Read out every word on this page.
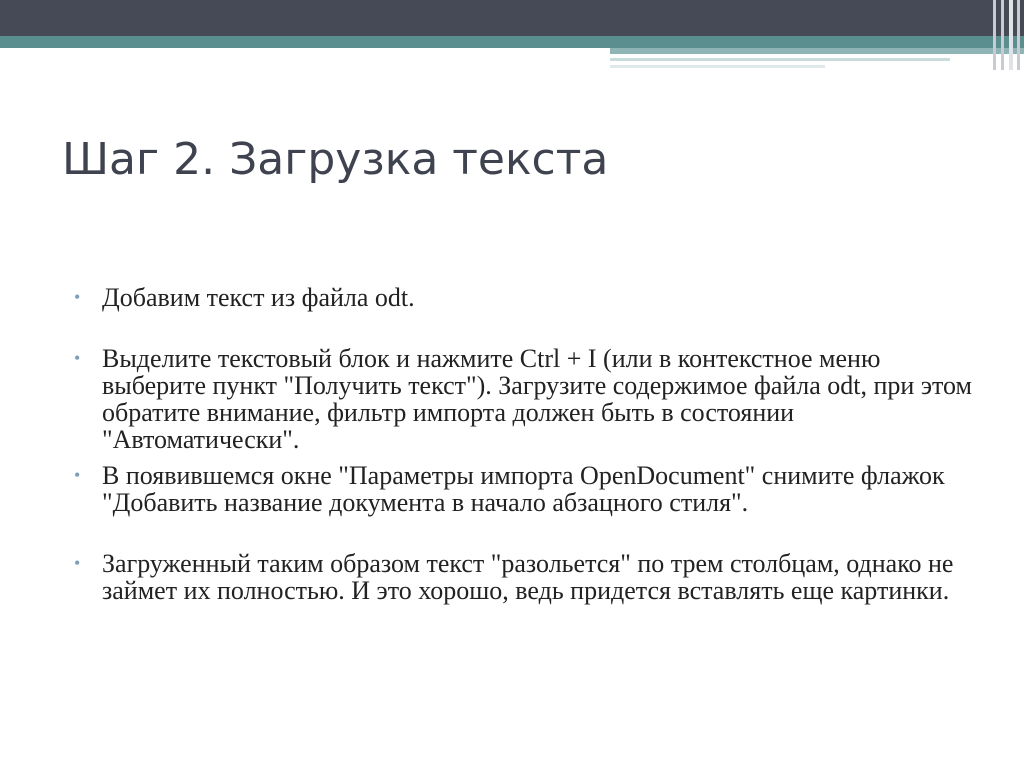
Шаг 2. Загрузка текста
• Добавим текст из файла odt.
• Выделите текстовый блок и нажмите Ctrl + I (или в контекстное меню выберите пункт "Получить текст"). Загрузите содержимое файла odt, при этом обратите внимание, фильтр импорта должен быть в состоянии "Автоматически".
• В появившемся окне "Параметры импорта OpenDocument" снимите флажок "Добавить название документа в начало абзацного стиля".
• Загруженный таким образом текст "разольется" по трем столбцам, однако не займет их полностью. И это хорошо, ведь придется вставлять еще картинки.
